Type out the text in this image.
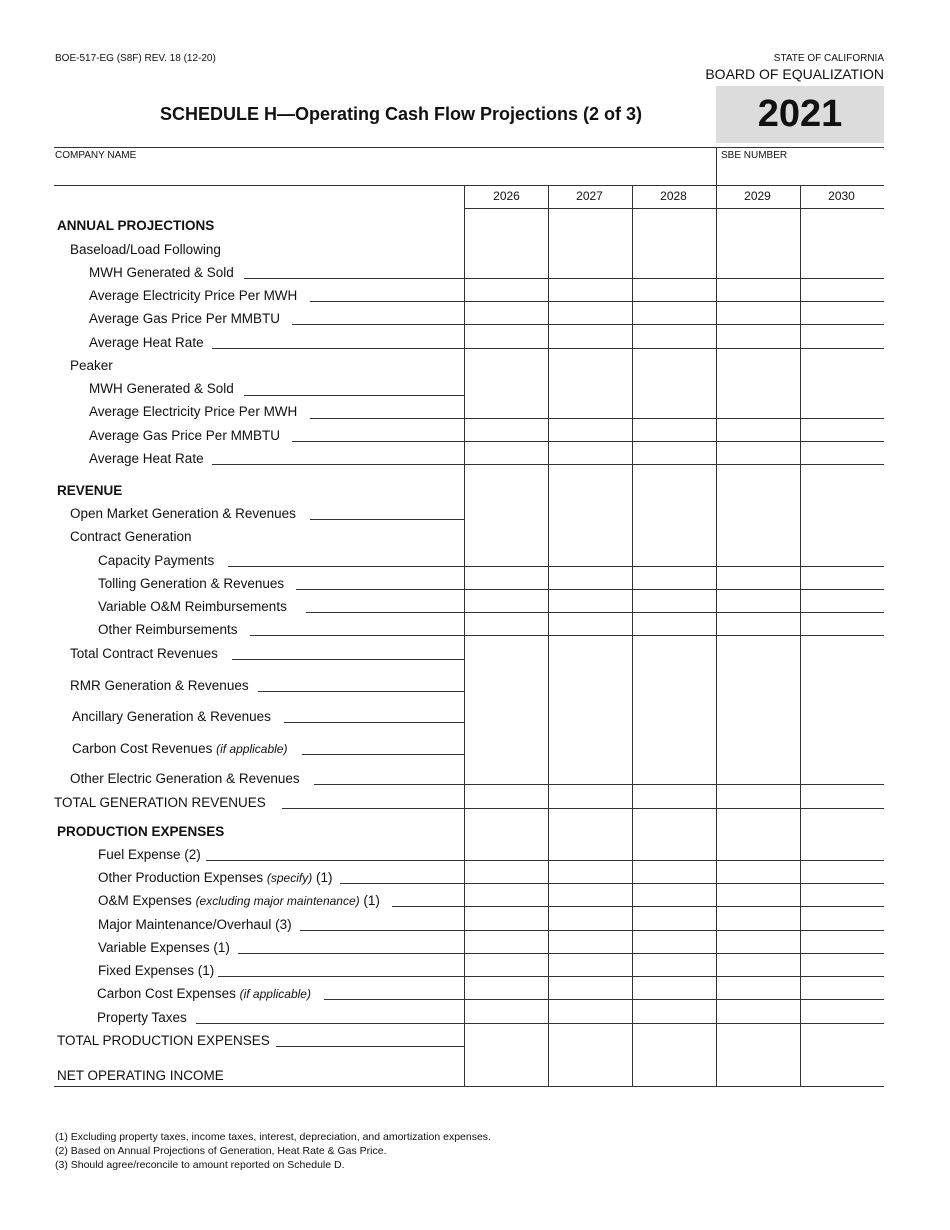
BOE-517-EG (S8F) REV. 18 (12-20)	STATE OF CALIFORNIA
BOARD OF EQUALIZATION
SCHEDULE H—Operating Cash Flow Projections (2 of 3)	2021
COMPANY NAME	SBE NUMBER
2026	2027	2028	2029	2030
ANNUAL PROJECTIONS
Baseload/Load Following
MWH Generated & Sold
Average Electricity Price Per MWH
Average Gas Price Per MMBTU
Average Heat Rate
Peaker
MWH Generated & Sold
Average Electricity Price Per MWH
Average Gas Price Per MMBTU
Average Heat Rate
REVENUE
Open Market Generation & Revenues
Contract Generation
Capacity Payments
Tolling Generation & Revenues
Variable O&M Reimbursements
Other Reimbursements
Total Contract Revenues
RMR Generation & Revenues
Ancillary Generation & Revenues
Carbon Cost Revenues (if applicable)
Other Electric Generation & Revenues
TOTAL GENERATION REVENUES
PRODUCTION EXPENSES
Fuel Expense (2)
Other Production Expenses (specify) (1)
O&M Expenses (excluding major maintenance) (1)
Major Maintenance/Overhaul (3)
Variable Expenses (1)
Fixed Expenses (1)
Carbon Cost Expenses (if applicable)
Property Taxes
TOTAL PRODUCTION EXPENSES
NET OPERATING INCOME
(1) Excluding property taxes, income taxes, interest, depreciation, and amortization expenses.
(2) Based on Annual Projections of Generation, Heat Rate & Gas Price.
(3) Should agree/reconcile to amount reported on Schedule D.
